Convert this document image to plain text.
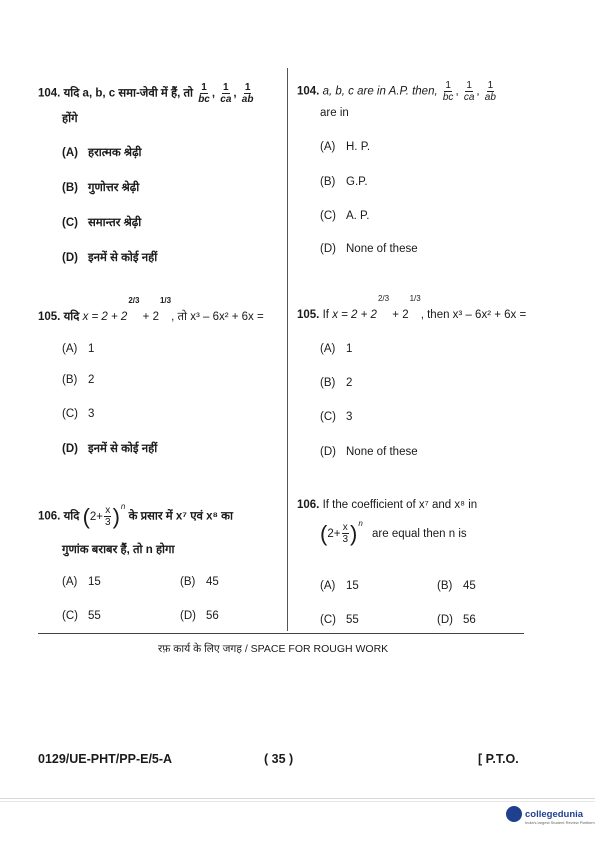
104. यदि a, b, c समा-जेवी में हैं, तो $\frac{1}{bc}$ , $\frac{1}{ca}$ , $\frac{1}{ab}$
होंगे
(A) हरात्मक श्रेढ़ी
(B) गुणोत्तर श्रेढ़ी
(C) समान्तर श्रेढ़ी
(D) इनमें से कोई नहीं
104. a, b, c are in A.P. then, $\frac{1}{bc}$ , $\frac{1}{ca}$ , $\frac{1}{ab}$
are in
(A) H. P.
(B) G.P.
(C) A. P.
(D) None of these
105. यदि $x = 2 + 2^{2/3} + 2^{1/3}$, तो x³ – 6x² + 6x =
(A) 1
(B) 2
(C) 3
(D) इनमें से कोई नहीं
105. If $x = 2 + 2^{2/3} + 2^{1/3}$, then x³ – 6x² + 6x =
(A) 1
(B) 2
(C) 3
(D) None of these
106. यदि ( $2+ \frac{x}{3} )^n$
के प्रसार में x⁷ एवं x⁸ का
गुणांक बराबर हैं, तो n होगा
106. If the coefficient of x⁷ and x⁸ in
( $2+ \frac{x}{3} )^n$
are equal then n is
(A) 15	(B) 45
(C) 55	(D) 56
(A) 15	(B) 45
(C) 55	(D) 56
रफ़ कार्य के लिए जगह / SPACE FOR ROUGH WORK
0129/UE-PHT/PP-E/5-A	( 35 )	[ P.T.O.
collegedunia
India's largest Student Review Platform
